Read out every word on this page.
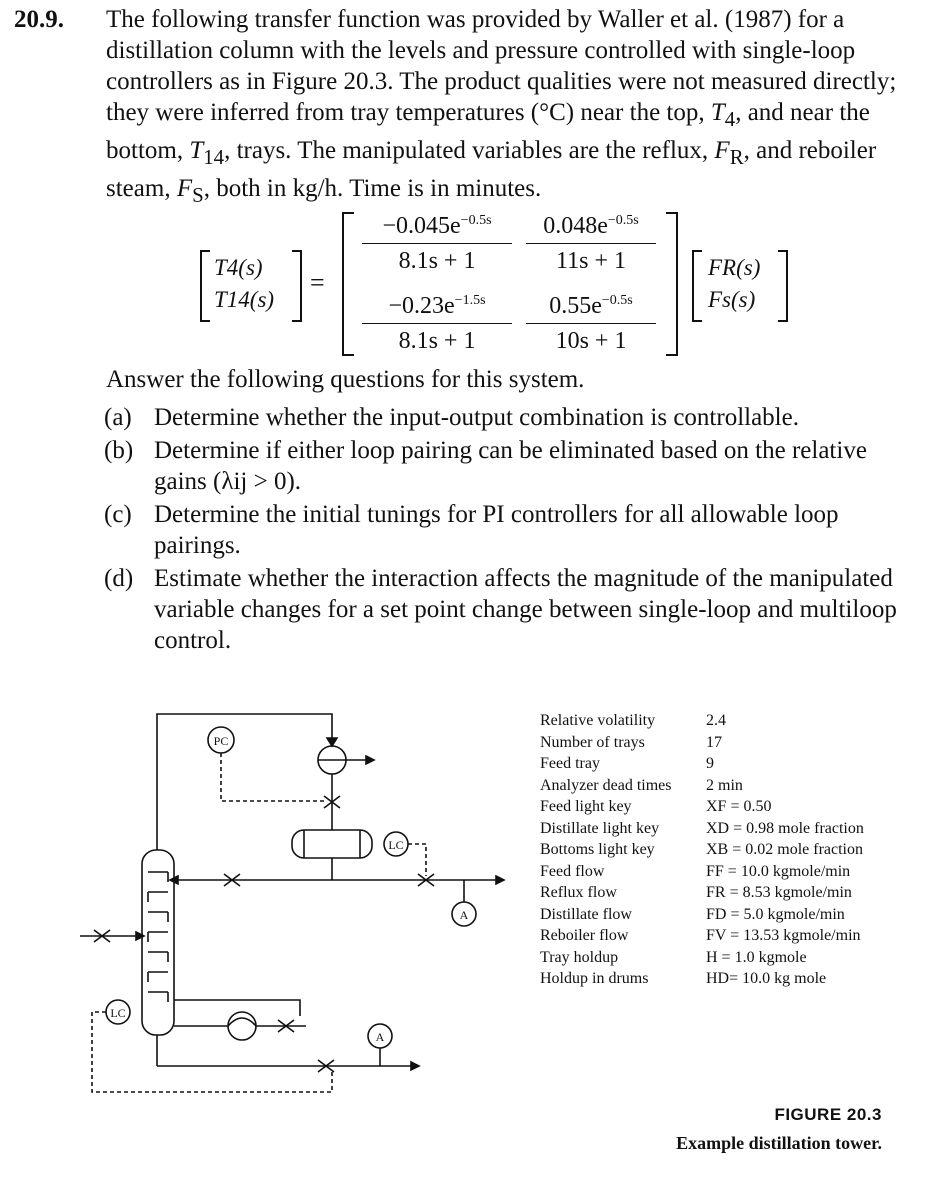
20.9. The following transfer function was provided by Waller et al. (1987) for a distillation column with the levels and pressure controlled with single-loop controllers as in Figure 20.3. The product qualities were not measured directly; they were inferred from tray temperatures (°C) near the top, $T_4$, and near the bottom, $T_{14}$, trays. The manipulated variables are the reflux, $F_R$, and reboiler steam, $F_S$, both in kg/h. Time is in minutes.
T4(s)
T14(s)
=
$\frac{-0.045e^{-0.5s}}{8.1s + 1} \frac{0.048e^{-0.5s}}{11s + 1}$
$\frac{-0.23e^{-1.5s}}{8.1s + 1} \frac{0.55e^{-0.5s}}{10s + 1}$
FR(s)
Fs(s)
Answer the following questions for this system.
(a) Determine whether the input-output combination is controllable.
(b) Determine if either loop pairing can be eliminated based on the relative gains (λij > 0).
(c) Determine the initial tunings for PI controllers for all allowable loop pairings.
(d) Estimate whether the interaction affects the magnitude of the manipulated variable changes for a set point change between single-loop and multiloop control.
PC
LC
A
A
LC
Relative volatility	2.4
Number of trays	17
Feed tray	9
Analyzer dead times	2 min
Feed light key	XF = 0.50
Distillate light key	XD = 0.98 mole fraction
Bottoms light key	XB = 0.02 mole fraction
Feed flow	FF = 10.0 kgmole/min
Reflux flow	FR = 8.53 kgmole/min
Distillate flow	FD = 5.0 kgmole/min
Reboiler flow	FV = 13.53 kgmole/min
Tray holdup	H = 1.0 kgmole
Holdup in drums	HD= 10.0 kg mole
FIGURE 20.3
Example distillation tower.
